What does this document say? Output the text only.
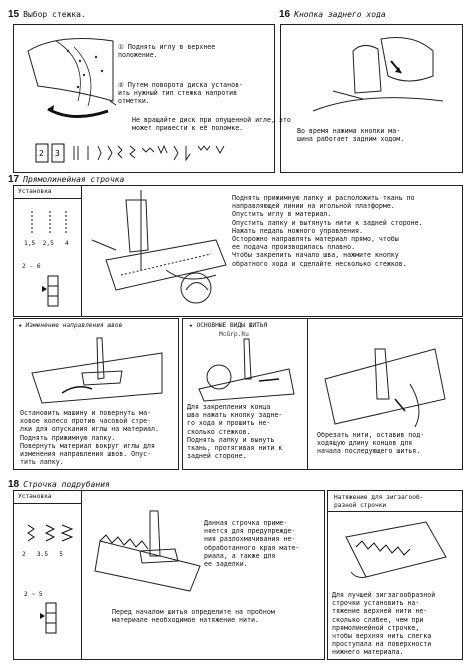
15 Выбор стежка.
① Поднять иглу в верхнее
положение.
② Путем поворота диска установ-
ить нужный тип стежка напротив
отметки.
Не вращайте диск при опущенной игле, это
может привести к её поломке.
2 3
16 Кнопка заднего хода
Во время нажима кнопки ма-
шина работает задним ходом.
17 Прямолинейная строчка
Установка
1,5  2,5   4
2 - 6
Поднять прижимную лапку и расположить ткань по
направляющей линии на игольной платформе.
Опустить иглу в материал.
Опустить лапку и вытянуть нити к задней стороне.
Нажать педаль ножного управления.
Осторожно направлять материал прямо, чтобы
ее подача производилась плавно.
Чтобы закрепить начало шва, нажмите кнопку
обратного хода и сделайте несколько стежков.
★ Изменение направления швов
Остановить машину и повернуть ма-
ховое колесо против часовой стре-
лки для опускания иглы на материал.
Поднять прижимную лапку.
Повернуть материал вокруг иглы для
изменения направления швов. Опус-
тить лапку.
★ ОСНОВНЫЕ ВИДЫ ШИТЬЯ
McGrp.Ru
Для закрепления конца
шва нажать кнопку задне-
го хода и прошить не-
сколько стежков.
Поднять лапку и вынуть
ткань, протягивая нити к
задней стороне.
Обрезать нити, оставив под-
ходящую длину концов для
начала последующего шитья.
18 Строчка подрубания
Установка
2   3.5   5
2 ~ 5
Данная строчка приме-
няется для предупрежде-
ния разлохмачивания не-
обработанного края мате-
риала, а также для
ее заделки.
Перед началом шитья определите на пробном
материале необходимое натяжение нити.
Натяжение для зигзагооб-
разной строчки
Для лучшей зигзагообразной
строчки установить на-
тяжение верхней нити не-
сколько слабее, чем при
прямолинейной строчке,
чтобы верхняя нить слегка
проступала на поверхности
нижнего материала.
